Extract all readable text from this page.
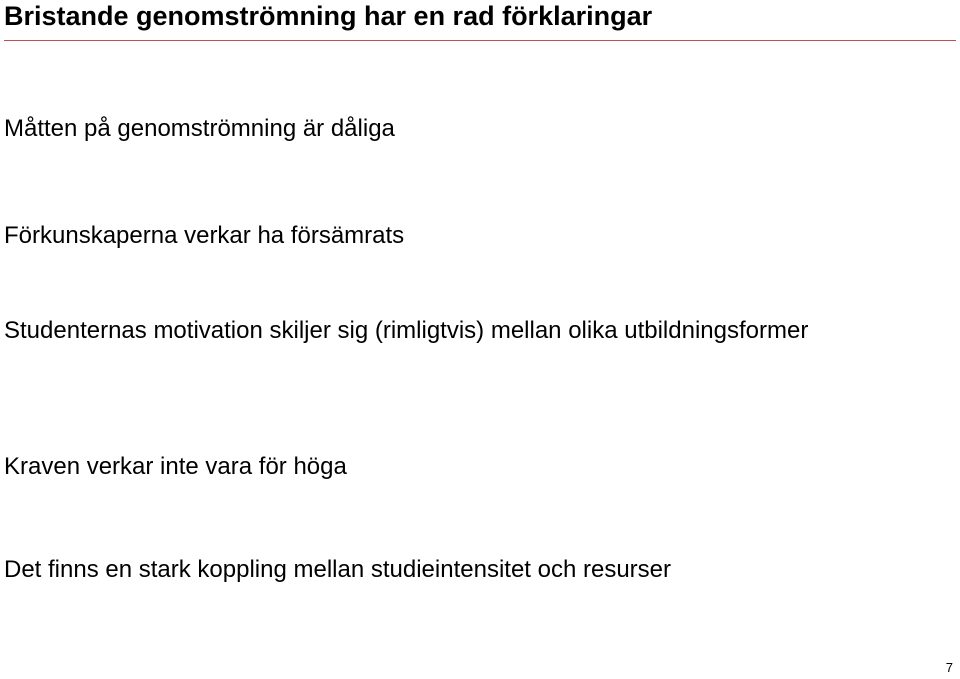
Bristande genomströmning har en rad förklaringar

Måtten på genomströmning är dåliga

Förkunskaperna verkar ha försämrats

Studenternas motivation skiljer sig (rimligtvis) mellan olika utbildningsformer

Kraven verkar inte vara för höga

Det finns en stark koppling mellan studieintensitet och resurser

7
